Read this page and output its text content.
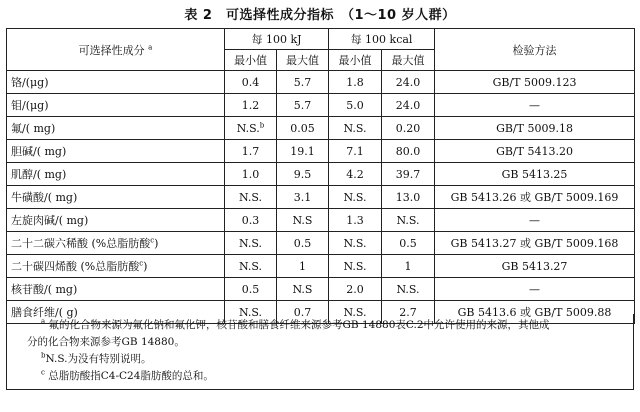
表 2　可选择性成分指标　（1～10 岁人群）
可选择性成分 $^a$	每 100 kJ		每 100 kcal		检验方法
	最小值	最大值	最小值	最大值	
铬/(μg)	0.4	5.7	1.8	24.0	GB/T 5009.123
钼/(μg)	1.2	5.7	5.0	24.0	—
氟/( mg)	N.S.$^b$	0.05	N.S.	0.20	GB/T 5009.18
胆碱/( mg)	1.7	19.1	7.1	80.0	GB/T 5413.20
肌醇/( mg)	1.0	9.5	4.2	39.7	GB 5413.25
牛磺酸/( mg)	N.S.	3.1	N.S.	13.0	GB 5413.26 或 GB/T 5009.169
左旋肉碱/( mg)	0.3	N.S	1.3	N.S.	—
二十二碳六稀酸 (%总脂肪酸$^c$)	N.S.	0.5	N.S.	0.5	GB 5413.27 或 GB/T 5009.168
二十碳四烯酸 (%总脂肪酸$^c$)	N.S.	1	N.S.	1	GB 5413.27
核苷酸/( mg)	0.5	N.S	2.0	N.S.	—
膳食纤维/( g)	N.S.	0.7	N.S.	2.7	GB 5413.6 或 GB/T 5009.88
$^a$ 氟的化合物来源为氟化钠和氟化钾，核苷酸和膳食纤维来源参考GB 14880表C.2中允许使用的来源，其他成
分的化合物来源参考GB 14880。
$^b$N.S.为没有特别说明。
$^c$ 总脂肪酸指C4-C24脂肪酸的总和。
